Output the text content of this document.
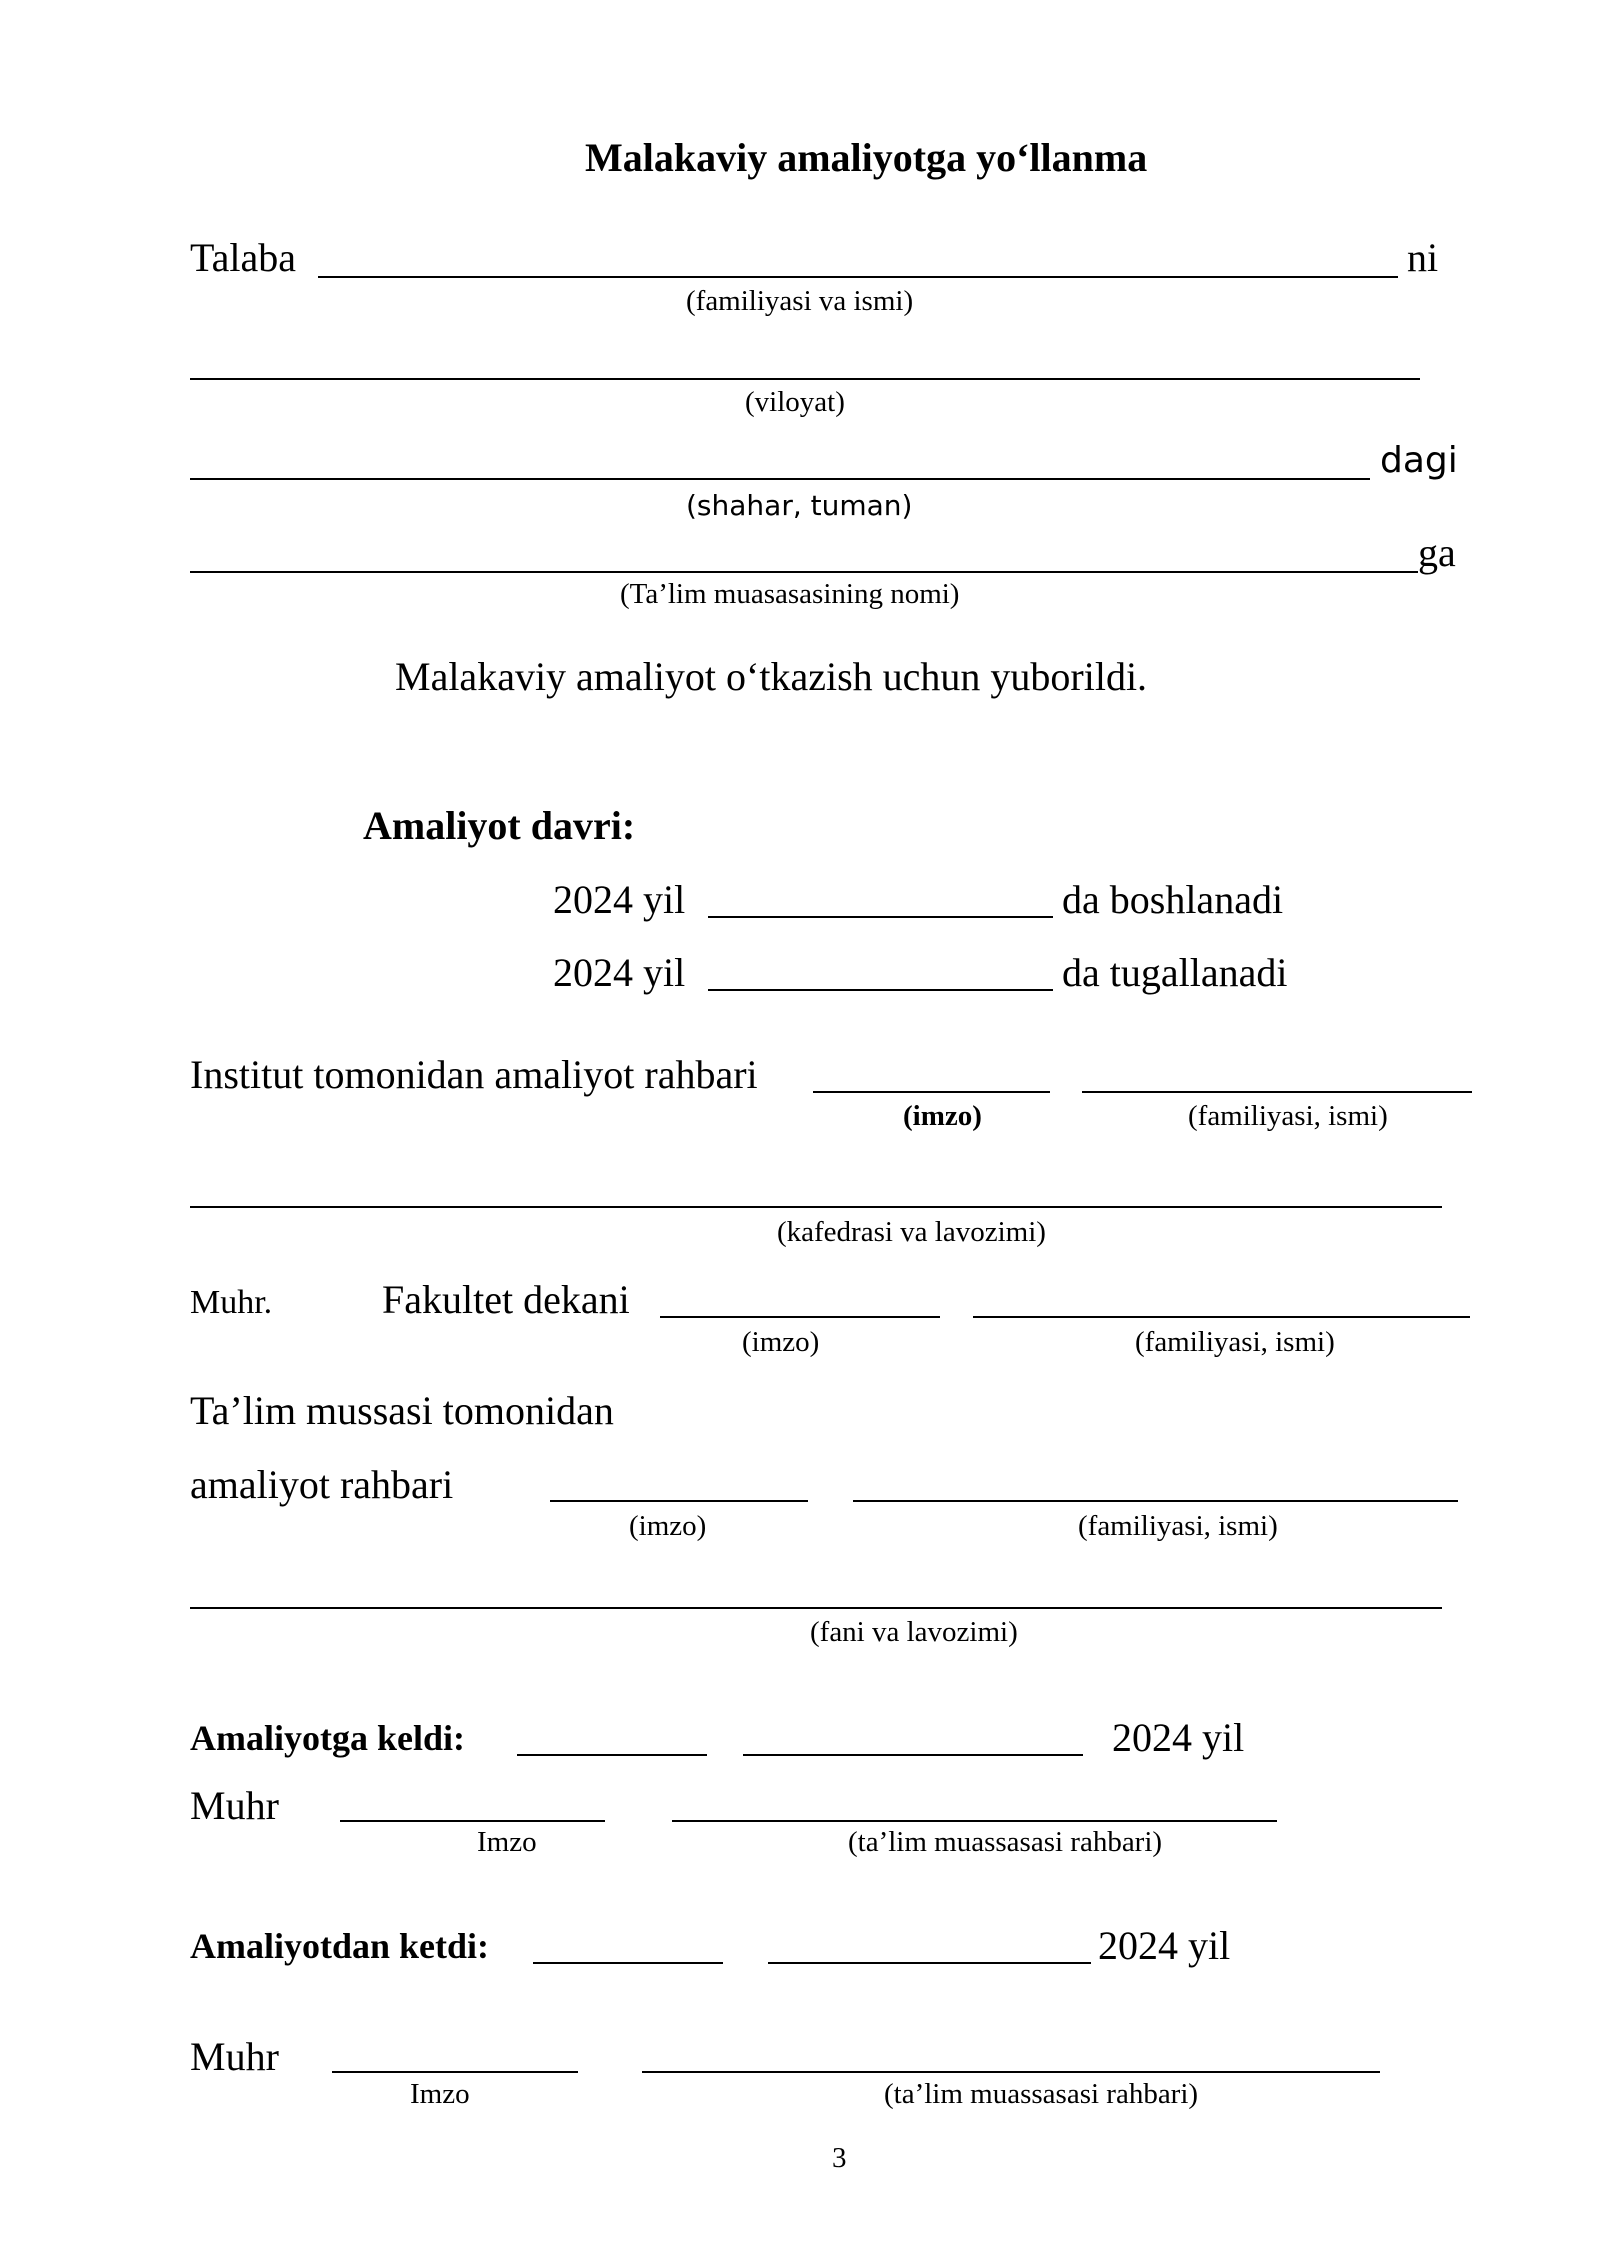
Malakaviy amaliyotga yo‘llanma
Talaba	ni
(familiyasi va ismi)
(viloyat)
dagi
(shahar, tuman)
ga
(Ta’lim muasasasining nomi)
Malakaviy amaliyot o‘tkazish uchun yuborildi.
Amaliyot davri:
2024 yil	da boshlanadi
2024 yil	da tugallanadi
Institut tomonidan amaliyot rahbari
(imzo)	(familiyasi, ismi)
(kafedrasi va lavozimi)
Muhr.	Fakultet dekani
(imzo)	(familiyasi, ismi)
Ta’lim mussasi tomonidan
amaliyot rahbari
(imzo)	(familiyasi, ismi)
(fani va lavozimi)
Amaliyotga keldi:	2024 yil
Muhr
Imzo	(ta’lim muassasasi rahbari)
Amaliyotdan ketdi:	2024 yil
Muhr
Imzo	(ta’lim muassasasi rahbari)
3
